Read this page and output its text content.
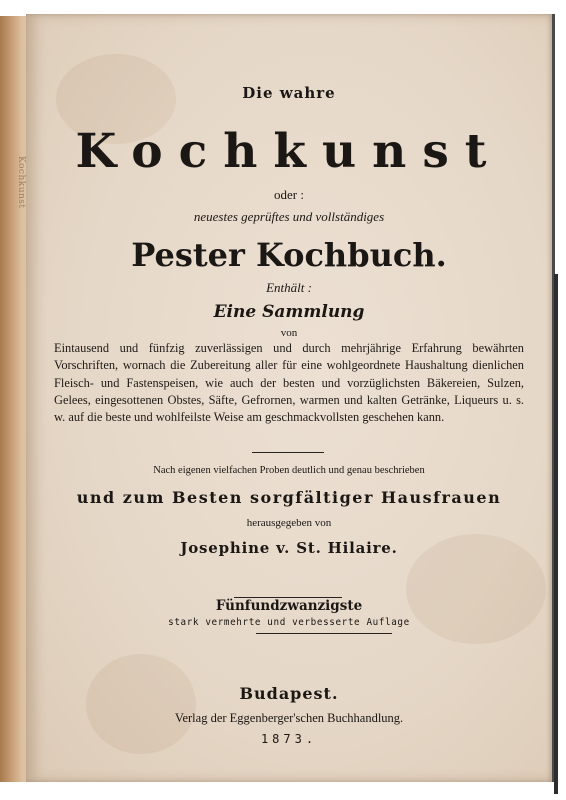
Kochkunst
Die wahre
Kochkunst
oder :
neuestes geprüftes und vollständiges
Pester Kochbuch.
Enthält :
Eine Sammlung
von
Eintausend und fünfzig zuverlässigen und durch mehrjährige Erfahrung bewährten Vorschriften, wornach die Zubereitung aller für eine wohlgeordnete Haushaltung dienlichen Fleisch- und Fastenspeisen, wie auch der besten und vorzüglichsten Bäkereien, Sulzen, Gelees, eingesottenen Obstes, Säfte, Gefrornen, warmen und kalten Getränke, Liqueurs u. s. w. auf die beste und wohlfeilste Weise am geschmackvollsten geschehen kann.
Nach eigenen vielfachen Proben deutlich und genau beschrieben
und zum Besten sorgfältiger Hausfrauen
herausgegeben von
Josephine v. St. Hilaire.
Fünfundzwanzigste
stark vermehrte und verbesserte Auflage
Budapest.
Verlag der Eggenberger'schen Buchhandlung.
1873.
